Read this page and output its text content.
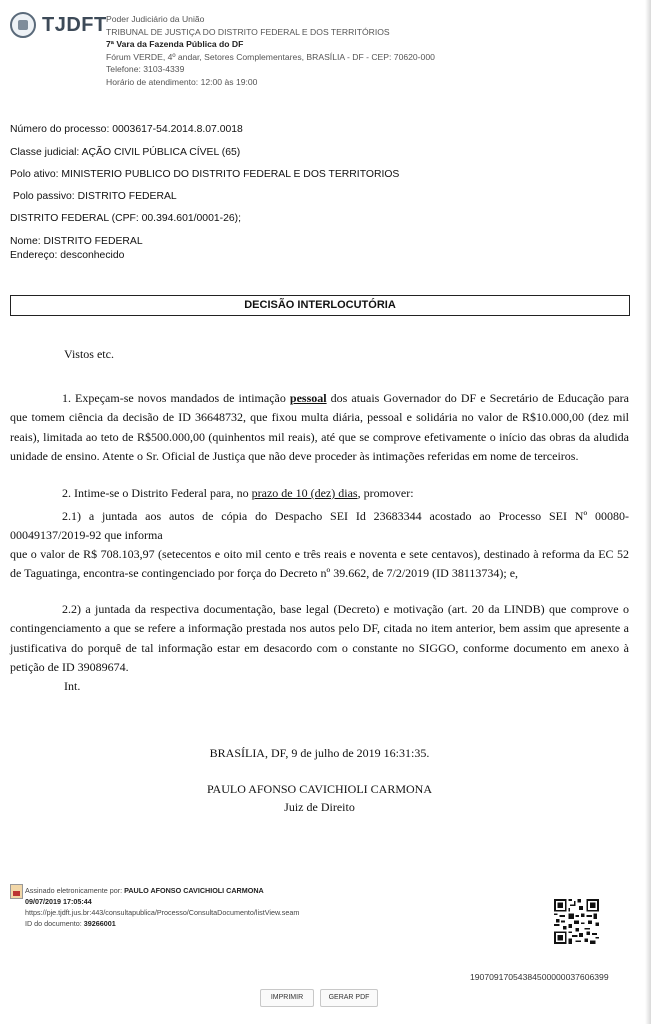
TJDFT Poder Judiciário da União
TRIBUNAL DE JUSTIÇA DO DISTRITO FEDERAL E DOS TERRITÓRIOS
7ª Vara da Fazenda Pública do DF
Fórum VERDE, 4º andar, Setores Complementares, BRASÍLIA - DF - CEP: 70620-000
Telefone: 3103-4339
Horário de atendimento: 12:00 às 19:00
Número do processo: 0003617-54.2014.8.07.0018
Classe judicial: AÇÃO CIVIL PÚBLICA CÍVEL (65)
Polo ativo: MINISTERIO PUBLICO DO DISTRITO FEDERAL E DOS TERRITORIOS
Polo passivo: DISTRITO FEDERAL
DISTRITO FEDERAL (CPF: 00.394.601/0001-26);
Nome: DISTRITO FEDERAL
Endereço: desconhecido
DECISÃO INTERLOCUTÓRIA
Vistos etc.
1. Expeçam-se novos mandados de intimação pessoal dos atuais Governador do DF e Secretário de Educação para que tomem ciência da decisão de ID 36648732, que fixou multa diária, pessoal e solidária no valor de R$10.000,00 (dez mil reais), limitada ao teto de R$500.000,00 (quinhentos mil reais), até que se comprove efetivamente o início das obras da aludida unidade de ensino. Atente o Sr. Oficial de Justiça que não deve proceder às intimações referidas em nome de terceiros.
2. Intime-se o Distrito Federal para, no prazo de 10 (dez) dias, promover:
2.1) a juntada aos autos de cópia do Despacho SEI Id 23683344 acostado ao Processo SEI Nº 00080- 00049137/2019-92 que informa
que o valor de R$ 708.103,97 (setecentos e oito mil cento e três reais e noventa e sete centavos), destinado à reforma da EC 52 de Taguatinga, encontra-se contingenciado por força do Decreto nº 39.662, de 7/2/2019 (ID 38113734); e,
2.2) a juntada da respectiva documentação, base legal (Decreto) e motivação (art. 20 da LINDB) que comprove o contingenciamento a que se refere a informação prestada nos autos pelo DF, citada no item anterior, bem assim que apresente a justificativa do porquê de tal informação estar em desacordo com o constante no SIGGO, conforme documento em anexo à petição de ID 39089674.
Int.
BRASÍLIA, DF, 9 de julho de 2019 16:31:35.
PAULO AFONSO CAVICHIOLI CARMONA
Juiz de Direito
Assinado eletronicamente por: PAULO AFONSO CAVICHIOLI CARMONA
09/07/2019 17:05:44
https://pje.tjdft.jus.br:443/consultapublica/Processo/ConsultaDocumento/listView.seam
ID do documento: 39266001
19070917054384500000037606399
IMPRIMIR	GERAR PDF
